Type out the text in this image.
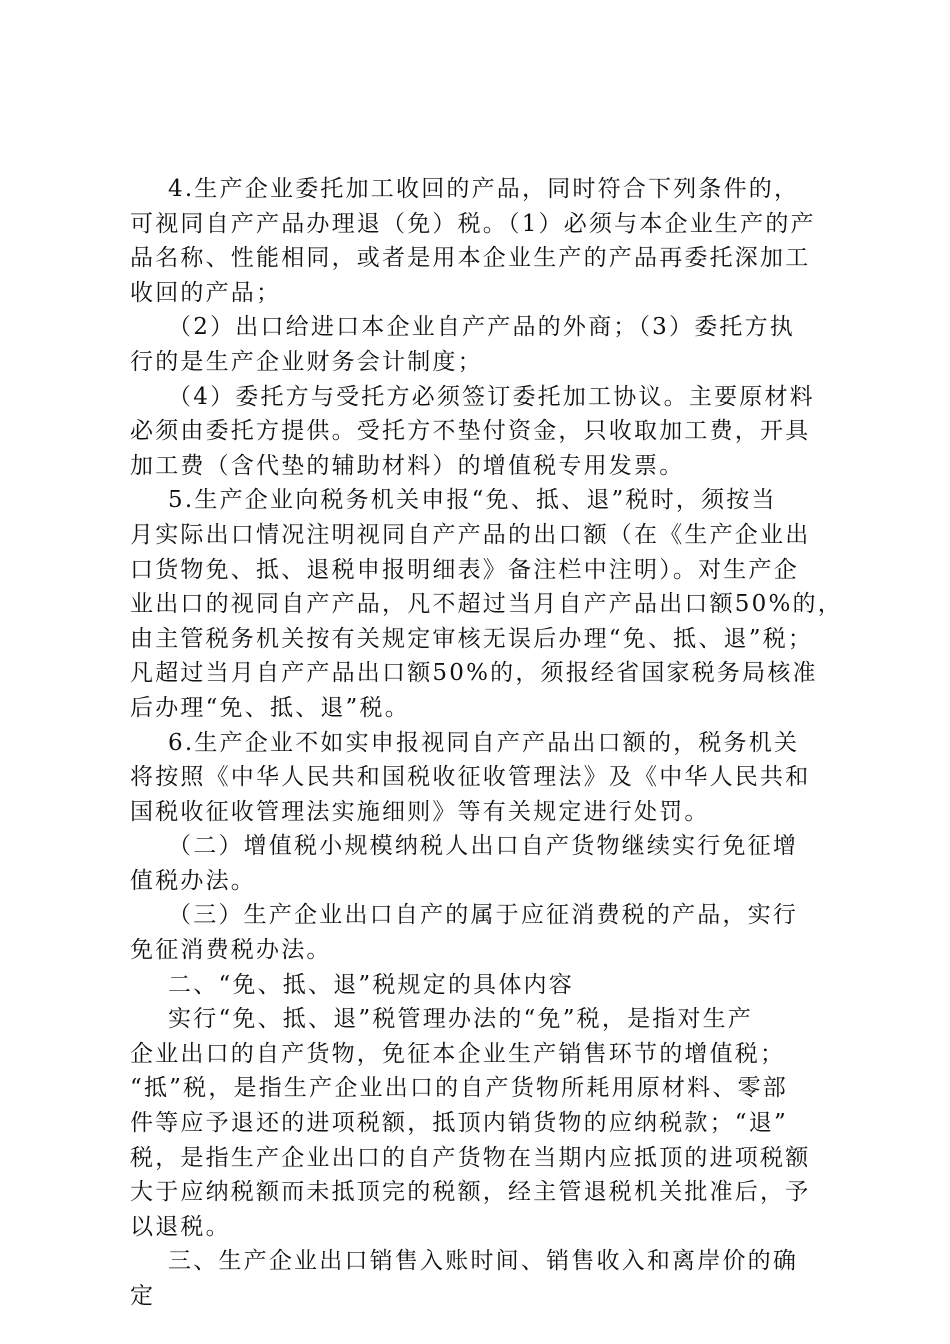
4.生产企业委托加工收回的产品，同时符合下列条件的，
可视同自产产品办理退（免）税。（1）必须与本企业生产的产
品名称、性能相同，或者是用本企业生产的产品再委托深加工
收回的产品；
（2）出口给进口本企业自产产品的外商；（3）委托方执
行的是生产企业财务会计制度；
（4）委托方与受托方必须签订委托加工协议。主要原材料
必须由委托方提供。受托方不垫付资金，只收取加工费，开具
加工费（含代垫的辅助材料）的增值税专用发票。
5.生产企业向税务机关申报“免、抵、退”税时，须按当
月实际出口情况注明视同自产产品的出口额（在《生产企业出
口货物免、抵、退税申报明细表》备注栏中注明）。对生产企
业出口的视同自产产品，凡不超过当月自产产品出口额50%的，
由主管税务机关按有关规定审核无误后办理“免、抵、退”税；
凡超过当月自产产品出口额50%的，须报经省国家税务局核准
后办理“免、抵、退”税。
6.生产企业不如实申报视同自产产品出口额的，税务机关
将按照《中华人民共和国税收征收管理法》及《中华人民共和
国税收征收管理法实施细则》等有关规定进行处罚。
（二）增值税小规模纳税人出口自产货物继续实行免征增
值税办法。
（三）生产企业出口自产的属于应征消费税的产品，实行
免征消费税办法。
二、“免、抵、退”税规定的具体内容
实行“免、抵、退”税管理办法的“免”税，是指对生产
企业出口的自产货物，免征本企业生产销售环节的增值税；
“抵”税，是指生产企业出口的自产货物所耗用原材料、零部
件等应予退还的进项税额，抵顶内销货物的应纳税款；“退”
税，是指生产企业出口的自产货物在当期内应抵顶的进项税额
大于应纳税额而未抵顶完的税额，经主管退税机关批准后，予
以退税。
三、生产企业出口销售入账时间、销售收入和离岸价的确
定
